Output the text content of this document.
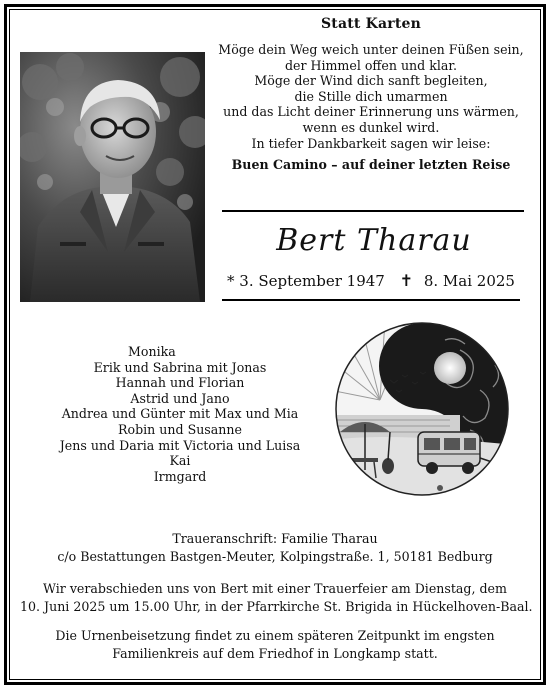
Statt Karten
Möge dein Weg weich unter deinen Füßen sein,
der Himmel offen und klar.
Möge der Wind dich sanft begleiten,
die Stille dich umarmen
und das Licht deiner Erinnerung uns wärmen,
wenn es dunkel wird.
In tiefer Dankbarkeit sagen wir leise:
Buen Camino – auf deiner letzten Reise
Bert Tharau
* 3. September 1947 ✝ 8. Mai 2025
Monika
Erik und Sabrina mit Jonas
Hannah und Florian
Astrid und Jano
Andrea und Günter mit Max und Mia
Robin und Susanne
Jens und Daria mit Victoria und Luisa
Kai
Irmgard
Traueranschrift: Familie Tharau
c/o Bestattungen Bastgen-Meuter, Kolpingstraße. 1, 50181 Bedburg
Wir verabschieden uns von Bert mit einer Trauerfeier am Dienstag, dem
10. Juni 2025 um 15.00 Uhr, in der Pfarrkirche St. Brigida in Hückelhoven-Baal.
Die Urnenbeisetzung findet zu einem späteren Zeitpunkt im engsten
Familienkreis auf dem Friedhof in Longkamp statt.
